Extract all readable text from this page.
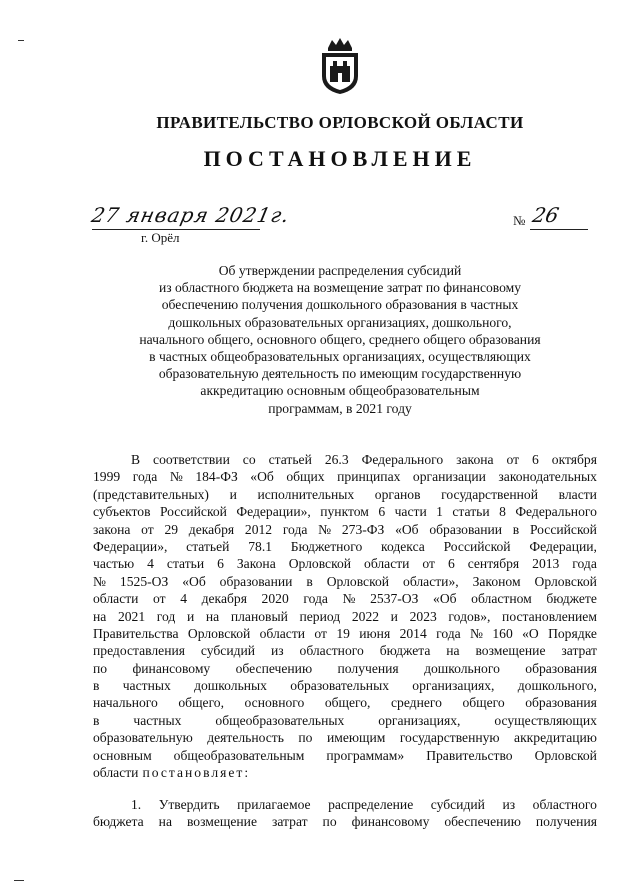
ПРАВИТЕЛЬСТВО ОРЛОВСКОЙ ОБЛАСТИ
ПОСТАНОВЛЕНИЕ
27 января 2021г.
г. Орёл
№ 26
Об утверждении распределения субсидий
из областного бюджета на возмещение затрат по финансовому
обеспечению получения дошкольного образования в частных
дошкольных образовательных организациях, дошкольного,
начального общего, основного общего, среднего общего образования
в частных общеобразовательных организациях, осуществляющих
образовательную деятельность по имеющим государственную
аккредитацию основным общеобразовательным
программам, в 2021 году
В соответствии со статьей 26.3 Федерального закона от 6 октября
1999 года № 184-ФЗ «Об общих принципах организации законодательных
(представительных) и исполнительных органов государственной власти
субъектов Российской Федерации», пунктом 6 части 1 статьи 8 Федерального
закона от 29 декабря 2012 года № 273-ФЗ «Об образовании в Российской
Федерации», статьей 78.1 Бюджетного кодекса Российской Федерации,
частью 4 статьи 6 Закона Орловской области от 6 сентября 2013 года
№ 1525-ОЗ «Об образовании в Орловской области», Законом Орловской
области от 4 декабря 2020 года № 2537-ОЗ «Об областном бюджете
на 2021 год и на плановый период 2022 и 2023 годов», постановлением
Правительства Орловской области от 19 июня 2014 года № 160 «О Порядке
предоставления субсидий из областного бюджета на возмещение затрат
по финансовому обеспечению получения дошкольного образования
в частных дошкольных образовательных организациях, дошкольного,
начального общего, основного общего, среднего общего образования
в частных общеобразовательных организациях, осуществляющих
образовательную деятельность по имеющим государственную аккредитацию
основным общеобразовательным программам» Правительство Орловской
области постановляет:
1. Утвердить прилагаемое распределение субсидий из областного
бюджета на возмещение затрат по финансовому обеспечению получения
